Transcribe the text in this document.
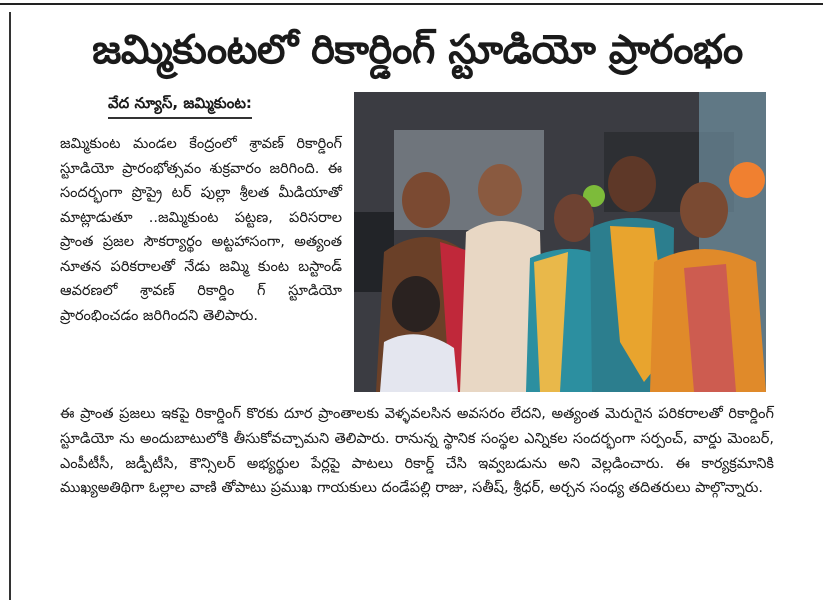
జమ్మికుంటలో రికార్డింగ్ స్టూడియో ప్రారంభం
వేద న్యూస్, జమ్మికుంట:

జమ్మికుంట మండల కేంద్రంలో శ్రావణ్ రికార్డింగ్ స్టూడియో ప్రారంభోత్సవం శుక్రవారం జరిగింది. ఈ సందర్భంగా ప్రొప్రై టర్ పుల్లా శ్రీలత మీడియాతో మాట్లాడుతూ ..జమ్మికుంట పట్టణ, పరిసరాల ప్రాంత ప్రజల సౌకర్యార్థం అట్టహాసంగా, అత్యంత నూతన పరికరాలతో నేడు జమ్మి కుంట బస్టాండ్ ఆవరణలో శ్రావణ్ రికార్డిం గ్ స్టూడియో ప్రారంభించడం జరిగిందని తెలిపారు.

ఈ ప్రాంత ప్రజలు ఇకపై రికార్డింగ్ కొరకు దూర ప్రాంతాలకు వెళ్ళవలసిన అవసరం లేదని, అత్యంత మెరుగైన పరికరాలతో రికార్డింగ్ స్టూడియో ను అందుబాటులోకి తీసుకోవచ్చామని తెలిపారు. రానున్న స్థానిక సంస్థల ఎన్నికల సందర్భంగా సర్పంచ్, వార్డు మెంబర్, ఎంపీటీసీ, జడ్పీటీసి, కౌన్సిలర్ అభ్యర్థుల పేర్లపై పాటలు రికార్డ్ చేసి ఇవ్వబడును అని వెల్లడించారు. ఈ కార్యక్రమానికి ముఖ్యఅతిథిగా ఓల్లాల వాణి తోపాటు ప్రముఖ గాయకులు దండేపల్లి రాజు, సతీష్, శ్రీధర్, అర్చన సంధ్య తదితరులు పాల్గొన్నారు.
